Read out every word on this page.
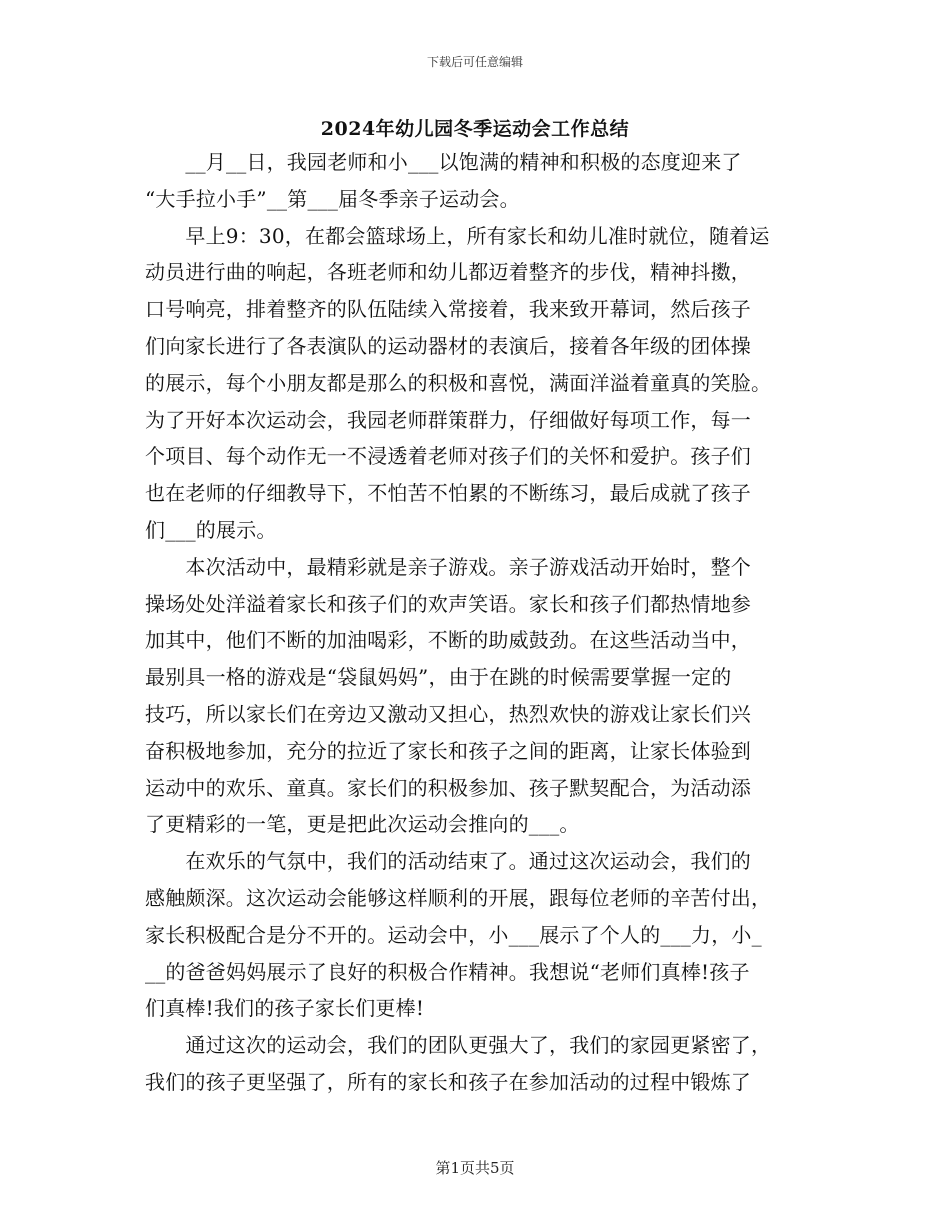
下载后可任意编辑
2024年幼儿园冬季运动会工作总结
　　__月__日，我园老师和小___以饱满的精神和积极的态度迎来了
“大手拉小手”__第___届冬季亲子运动会。
　　早上9：30，在都会篮球场上，所有家长和幼儿准时就位，随着运
动员进行曲的响起，各班老师和幼儿都迈着整齐的步伐，精神抖擞，
口号响亮，排着整齐的队伍陆续入常接着，我来致开幕词，然后孩子
们向家长进行了各表演队的运动器材的表演后，接着各年级的团体操
的展示，每个小朋友都是那么的积极和喜悦，满面洋溢着童真的笑脸。
为了开好本次运动会，我园老师群策群力，仔细做好每项工作，每一
个项目、每个动作无一不浸透着老师对孩子们的关怀和爱护。孩子们
也在老师的仔细教导下，不怕苦不怕累的不断练习，最后成就了孩子
们___的展示。
　　本次活动中，最精彩就是亲子游戏。亲子游戏活动开始时，整个
操场处处洋溢着家长和孩子们的欢声笑语。家长和孩子们都热情地参
加其中，他们不断的加油喝彩，不断的助威鼓劲。在这些活动当中，
最别具一格的游戏是“袋鼠妈妈”，由于在跳的时候需要掌握一定的
技巧，所以家长们在旁边又激动又担心，热烈欢快的游戏让家长们兴
奋积极地参加，充分的拉近了家长和孩子之间的距离，让家长体验到
运动中的欢乐、童真。家长们的积极参加、孩子默契配合，为活动添
了更精彩的一笔，更是把此次运动会推向的___。
　　在欢乐的气氛中，我们的活动结束了。通过这次运动会，我们的
感触颇深。这次运动会能够这样顺利的开展，跟每位老师的辛苦付出，
家长积极配合是分不开的。运动会中，小___展示了个人的___力，小_
__的爸爸妈妈展示了良好的积极合作精神。我想说“老师们真棒!孩子
们真棒!我们的孩子家长们更棒!
　　通过这次的运动会，我们的团队更强大了，我们的家园更紧密了，
我们的孩子更坚强了，所有的家长和孩子在参加活动的过程中锻炼了
第1页共5页
